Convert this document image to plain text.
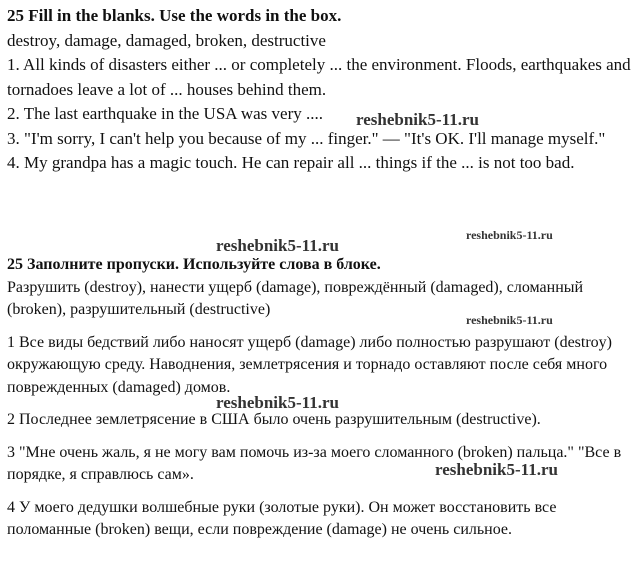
25 Fill in the blanks. Use the words in the box.

destroy, damage, damaged, broken, destructive

1. All kinds of disasters either ... or completely ... the environment. Floods, earthquakes and tornadoes leave a lot of ... houses behind them.

2. The last earthquake in the USA was very ....

3. "I'm sorry, I can't help you because of my ... finger." — "It's OK. I'll manage myself."

4. My grandpa has a magic touch. He can repair all ... things if the ... is not too bad.

25 Заполните пропуски. Используйте слова в блоке.

Разрушить (destroy), нанести ущерб (damage), повреждённый (damaged), сломанный (broken), разрушительный (destructive)

1 Все виды бедствий либо наносят ущерб (damage) либо полностью разрушают (destroy) окружающую среду. Наводнения, землетрясения и торнадо оставляют после себя много поврежденных (damaged) домов.

2 Последнее землетрясение в США было очень разрушительным (destructive).

3 "Мне очень жаль, я не могу вам помочь из-за моего сломанного (broken) пальца." "Все в порядке, я справлюсь сам».

4 У моего дедушки волшебные руки (золотые руки). Он может восстановить все поломанные (broken) вещи, если повреждение (damage) не очень сильное.

reshebnik5-11.ru
reshebnik5-11.ru
reshebnik5-11.ru
reshebnik5-11.ru
reshebnik5-11.ru
reshebnik5-11.ru
